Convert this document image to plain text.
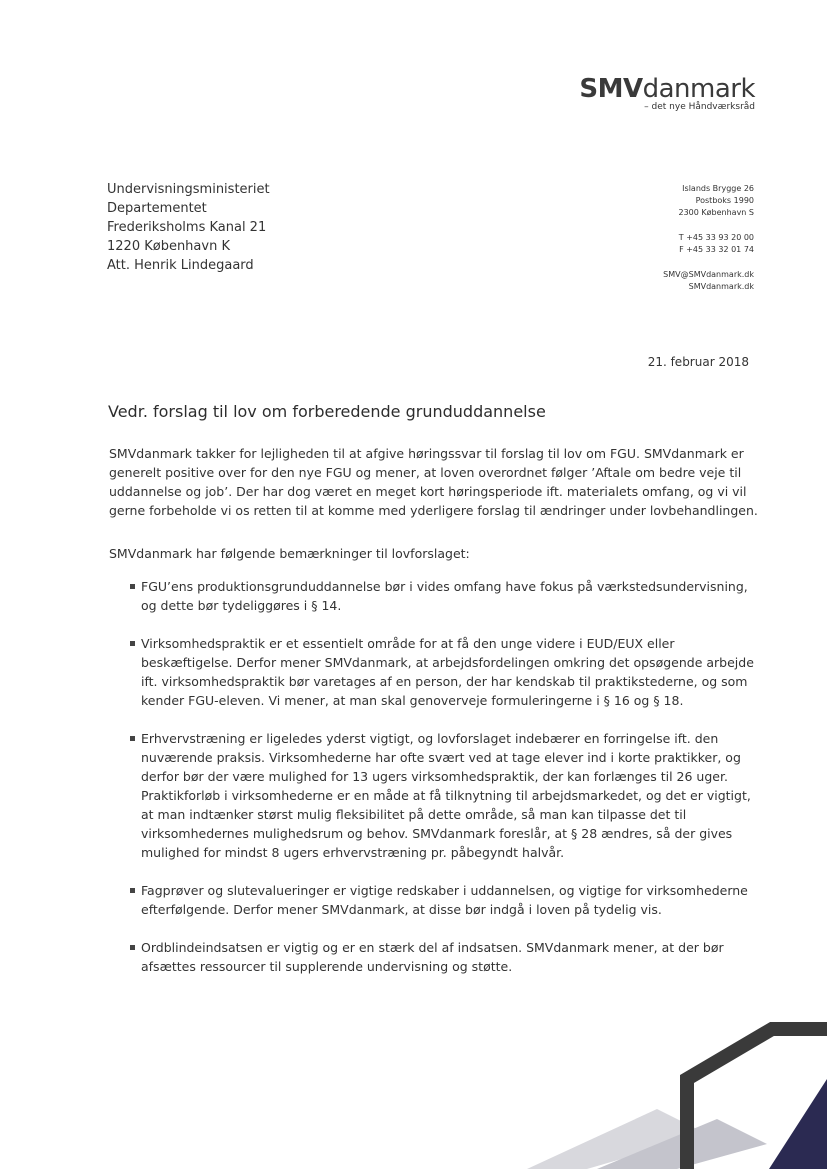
SMVdanmark
– det nye Håndværksråd
Undervisningsministeriet
Departementet
Frederiksholms Kanal 21
1220 København K
Att. Henrik Lindegaard
Islands Brygge 26
Postboks 1990
2300 København S
T +45 33 93 20 00
F +45 33 32 01 74
SMV@SMVdanmark.dk
SMVdanmark.dk
21. februar 2018
Vedr. forslag til lov om forberedende grunduddannelse
SMVdanmark takker for lejligheden til at afgive høringssvar til forslag til lov om FGU. SMVdanmark er generelt positive over for den nye FGU og mener, at loven overordnet følger ’Aftale om bedre veje til uddannelse og job’. Der har dog været en meget kort høringsperiode ift. materialets omfang, og vi vil gerne forbeholde vi os retten til at komme med yderligere forslag til ændringer under lovbehandlingen.
SMVdanmark har følgende bemærkninger til lovforslaget:
FGU’ens produktionsgrunduddannelse bør i vides omfang have fokus på værkstedsundervisning, og dette bør tydeliggøres i § 14.
Virksomhedspraktik er et essentielt område for at få den unge videre i EUD/EUX eller beskæftigelse. Derfor mener SMVdanmark, at arbejdsfordelingen omkring det opsøgende arbejde ift. virksomhedspraktik bør varetages af en person, der har kendskab til praktikstederne, og som kender FGU-eleven. Vi mener, at man skal genoverveje formuleringerne i § 16 og § 18.
Erhvervstræning er ligeledes yderst vigtigt, og lovforslaget indebærer en forringelse ift. den nuværende praksis. Virksomhederne har ofte svært ved at tage elever ind i korte praktikker, og derfor bør der være mulighed for 13 ugers virksomhedspraktik, der kan forlænges til 26 uger. Praktikforløb i virksomhederne er en måde at få tilknytning til arbejdsmarkedet, og det er vigtigt, at man indtænker størst mulig fleksibilitet på dette område, så man kan tilpasse det til virksomhedernes mulighedsrum og behov. SMVdanmark foreslår, at § 28 ændres, så der gives mulighed for mindst 8 ugers erhvervstræning pr. påbegyndt halvår.
Fagprøver og slutevalueringer er vigtige redskaber i uddannelsen, og vigtige for virksomhederne efterfølgende. Derfor mener SMVdanmark, at disse bør indgå i loven på tydelig vis.
Ordblindeindsatsen er vigtig og er en stærk del af indsatsen. SMVdanmark mener, at der bør afsættes ressourcer til supplerende undervisning og støtte.
